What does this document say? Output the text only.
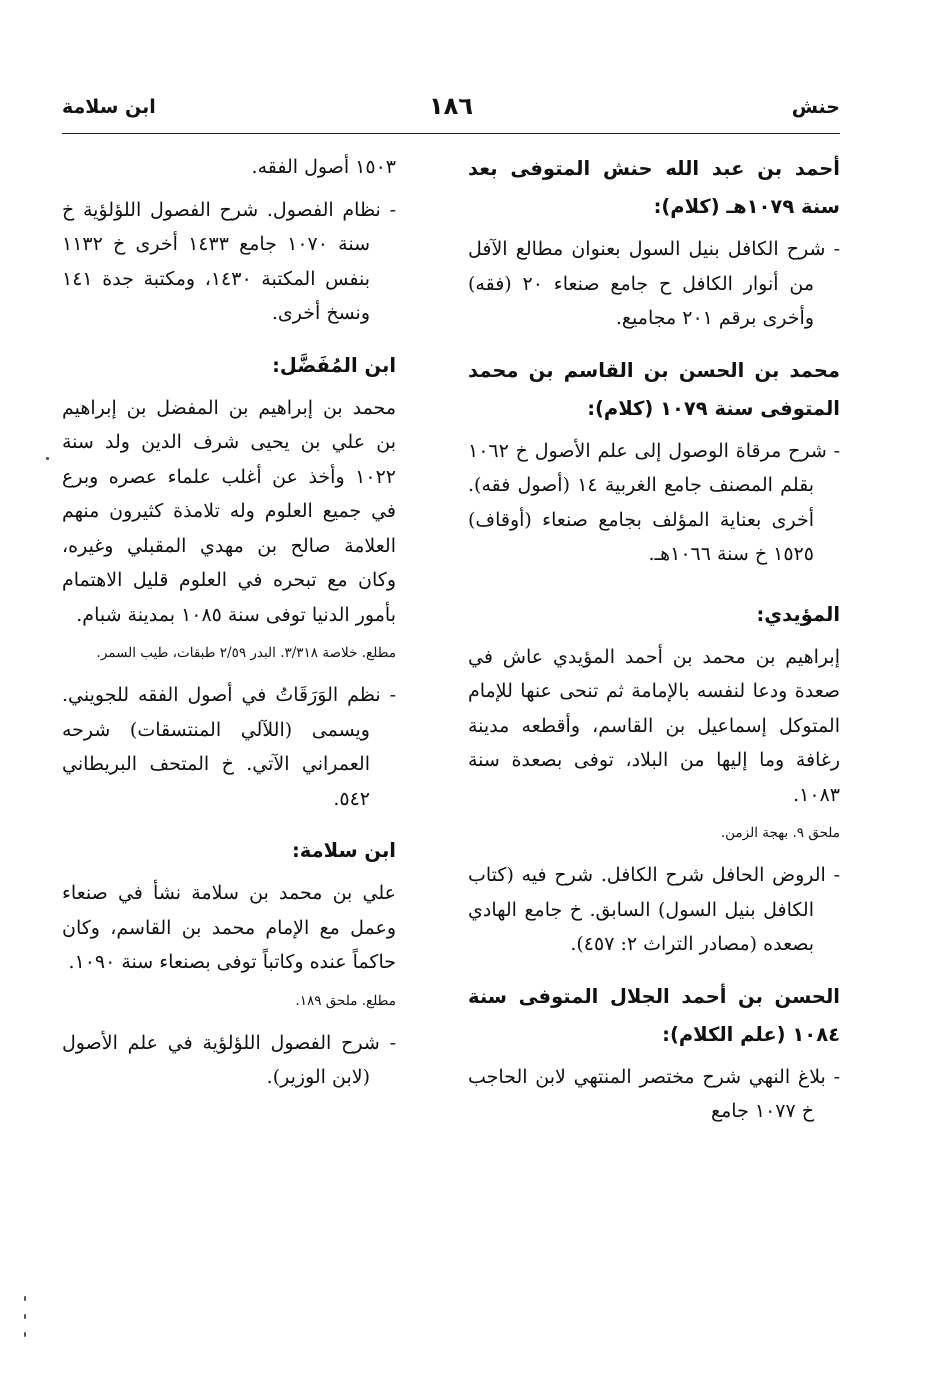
حنش
١٨٦
ابن سلامة

أحمد بن عبد الله حنش المتوفى بعد سنة ١٠٧٩هـ (كلام):

- شرح الكافل بنيل السول بعنوان مطالع الآفل من أنوار الكافل ح جامع صنعاء ٢٠ (فقه) وأخرى برقم ٢٠١ مجاميع.

محمد بن الحسن بن القاسم بن محمد المتوفى سنة ١٠٧٩ (كلام):

- شرح مرقاة الوصول إلى علم الأصول خ ١٠٦٢ بقلم المصنف جامع الغربية ١٤ (أصول فقه). أخرى بعناية المؤلف بجامع صنعاء (أوقاف) ١٥٢٥ خ سنة ١٠٦٦هـ.

المؤيدي:

إبراهيم بن محمد بن أحمد المؤيدي عاش في صعدة ودعا لنفسه بالإمامة ثم تنحى عنها للإمام المتوكل إسماعيل بن القاسم، وأقطعه مدينة رغافة وما إليها من البلاد، توفى بصعدة سنة ١٠٨٣.

ملحق ٩. بهجة الزمن.

- الروض الحافل شرح الكافل. شرح فيه (كتاب الكافل بنيل السول) السابق. خ جامع الهادي بصعده (مصادر التراث ٢: ٤٥٧).

الحسن بن أحمد الجلال المتوفى سنة ١٠٨٤ (علم الكلام):

- بلاغ النهي شرح مختصر المنتهي لابن الحاجب خ ١٠٧٧ جامع

١٥٠٣ أصول الفقه.

- نظام الفصول. شرح الفصول اللؤلؤية خ سنة ١٠٧٠ جامع ١٤٣٣ أخرى خ ١١٣٢ بنفس المكتبة ١٤٣٠، ومكتبة جدة ١٤١ ونسخ أخرى.

ابن المُفَضَّل:

محمد بن إبراهيم بن المفضل بن إبراهيم بن علي بن يحيى شرف الدين ولد سنة ١٠٢٢ وأخذ عن أغلب علماء عصره وبرع في جميع العلوم وله تلامذة كثيرون منهم العلامة صالح بن مهدي المقبلي وغيره، وكان مع تبحره في العلوم قليل الاهتمام بأمور الدنيا توفى سنة ١٠٨٥ بمدينة شبام.

مطلع. خلاصة ٣/٣١٨. البدر ٢/٥٩ طبقات، طيب السمر.

- نظم الوَرَقَاتُ في أصول الفقه للجويني. ويسمى (اللآلي المنتسقات) شرحه العمراني الآتي. خ المتحف البريطاني ٥٤٢.

ابن سلامة:

علي بن محمد بن سلامة نشأ في صنعاء وعمل مع الإمام محمد بن القاسم، وكان حاكماً عنده وكاتباً توفى بصنعاء سنة ١٠٩٠.

مطلع. ملحق ١٨٩.

- شرح الفصول اللؤلؤية في علم الأصول (لابن الوزير).
